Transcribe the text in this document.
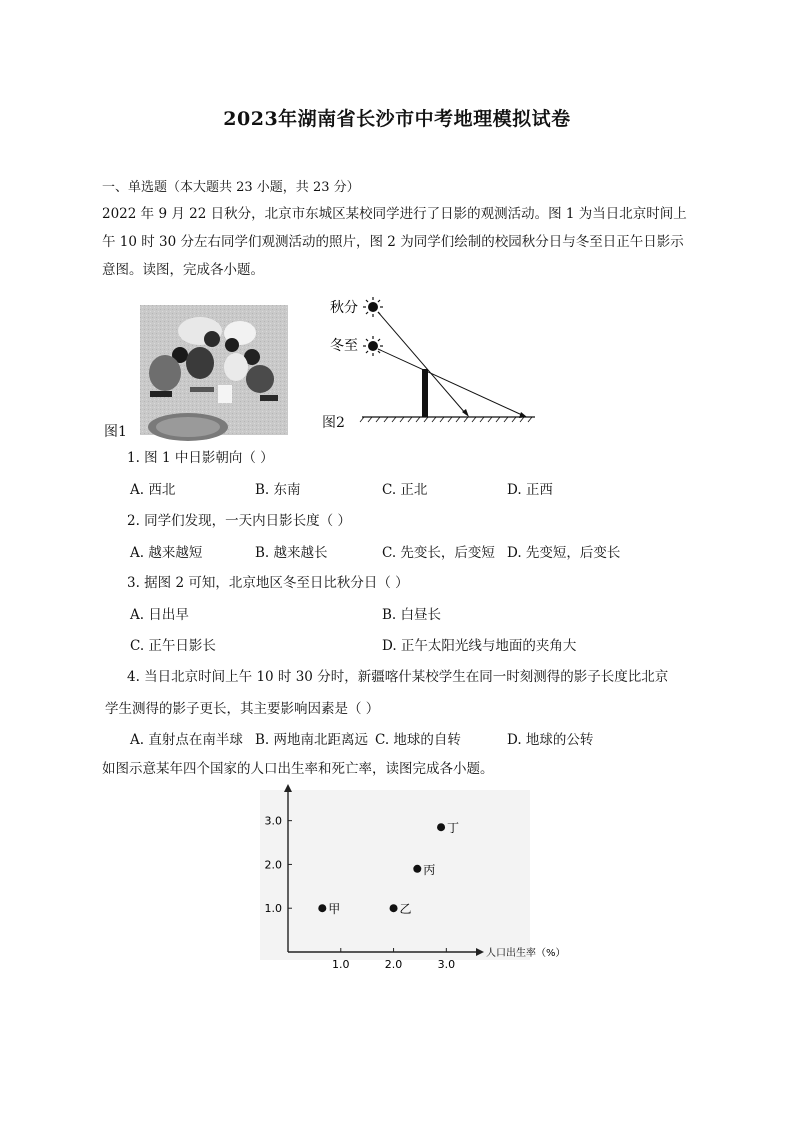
2023年湖南省长沙市中考地理模拟试卷
一、单选题（本大题共 23 小题，共 23 分）
2022 年 9 月 22 日秋分，北京市东城区某校同学进行了日影的观测活动。图 1 为当日北京时间上
午 10 时 30 分左右同学们观测活动的照片，图 2 为同学们绘制的校园秋分日与冬至日正午日影示
意图。读图，完成各小题。
图1
秋分
冬至
图2
1. 图 1 中日影朝向（ ）
A. 西北	B. 东南	C. 正北	D. 正西
2. 同学们发现，一天内日影长度（ ）
A. 越来越短	B. 越来越长	C. 先变长，后变短 D. 先变短，后变长
3. 据图 2 可知，北京地区冬至日比秋分日（ ）
A. 日出早	B. 白昼长
C. 正午日影长	D. 正午太阳光线与地面的夹角大
4. 当日北京时间上午 10 时 30 分时，新疆喀什某校学生在同一时刻测得的影子长度比北京
学生测得的影子更长，其主要影响因素是（ ）
A. 直射点在南半球 B. 两地南北距离远 C. 地球的自转	D. 地球的公转
如图示意某年四个国家的人口出生率和死亡率，读图完成各小题。
人口出生率（%）
1.0	2.0	3.0
1.0
2.0
3.0
甲	乙
丙
丁
